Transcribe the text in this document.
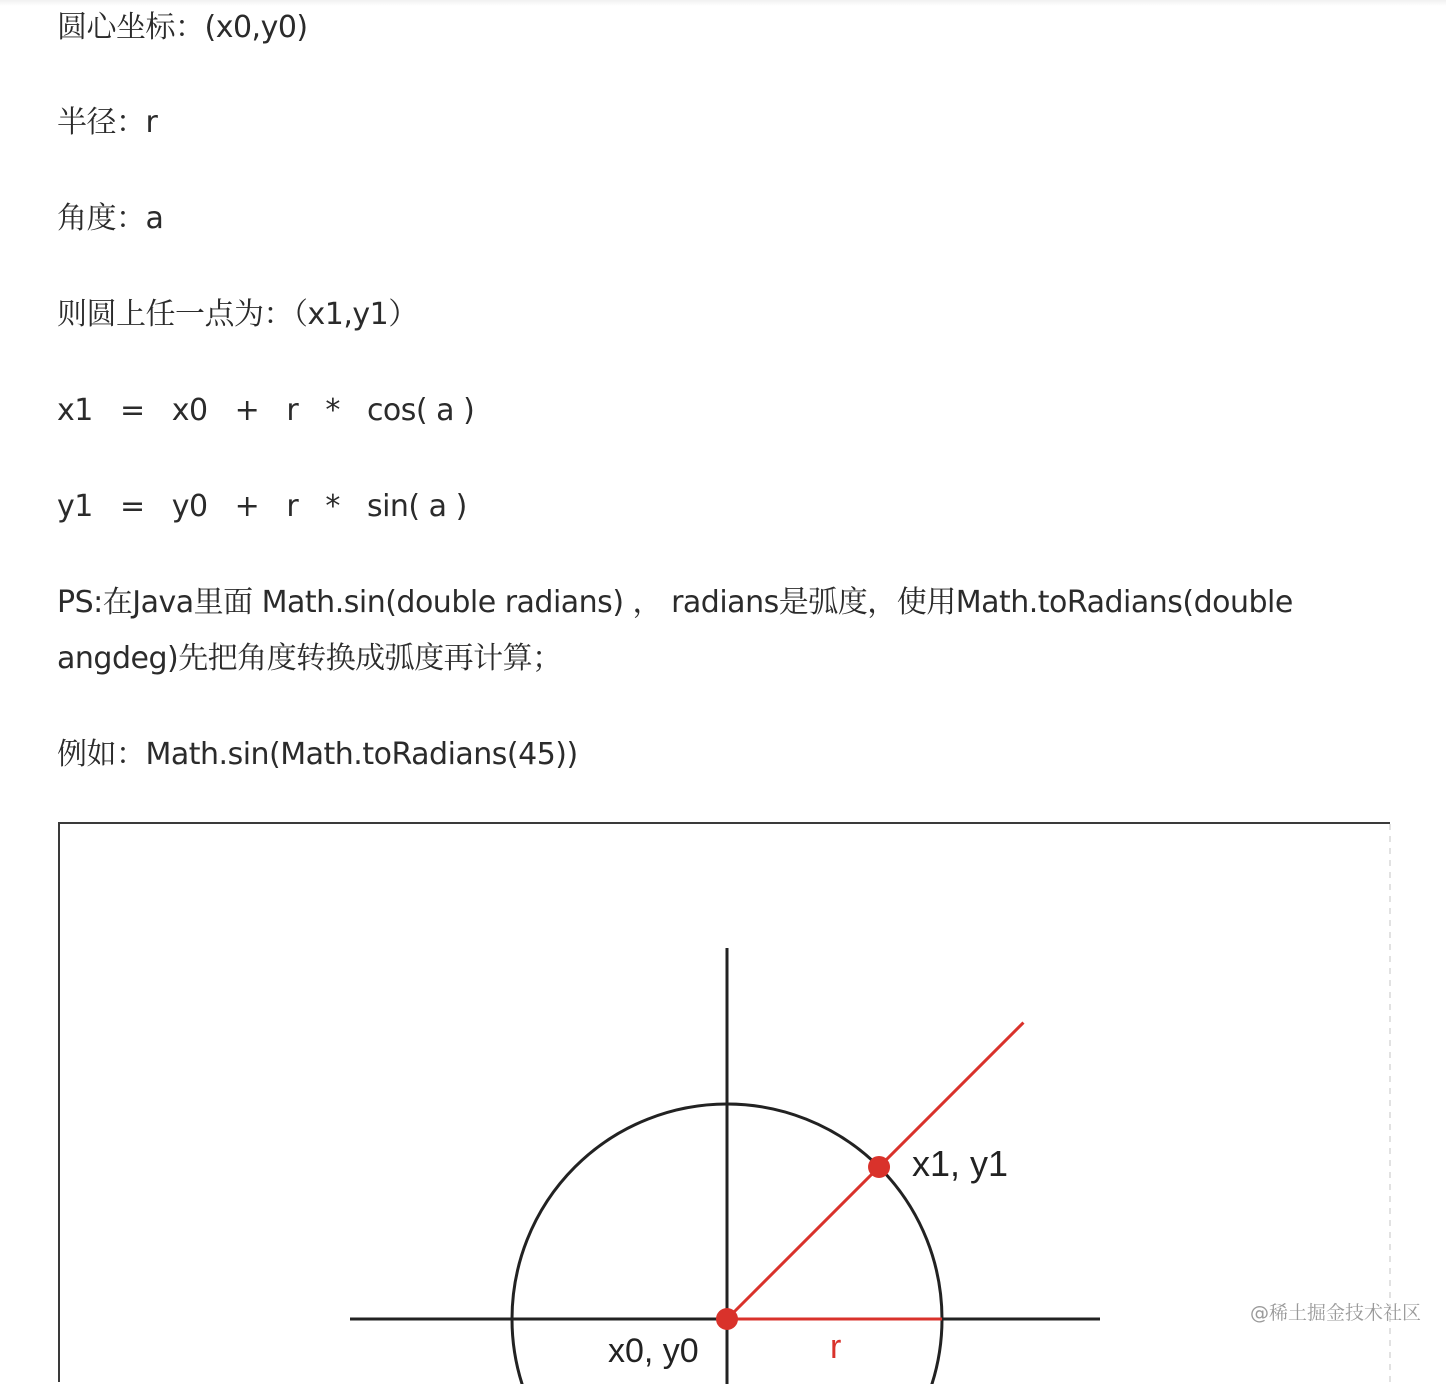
圆心坐标：(x0,y0)

半径：r

角度：a

则圆上任一点为：（x1,y1）

x1   =   x0   +   r   *   cos( a )

y1   =   y0   +   r   *   sin( a )

PS:在Java里面 Math.sin(double radians) ， radians是弧度，使用Math.toRadians(double angdeg)先把角度转换成弧度再计算；

例如：Math.sin(Math.toRadians(45))

x1, y1
x0, y0	r
@稀土掘金技术社区
